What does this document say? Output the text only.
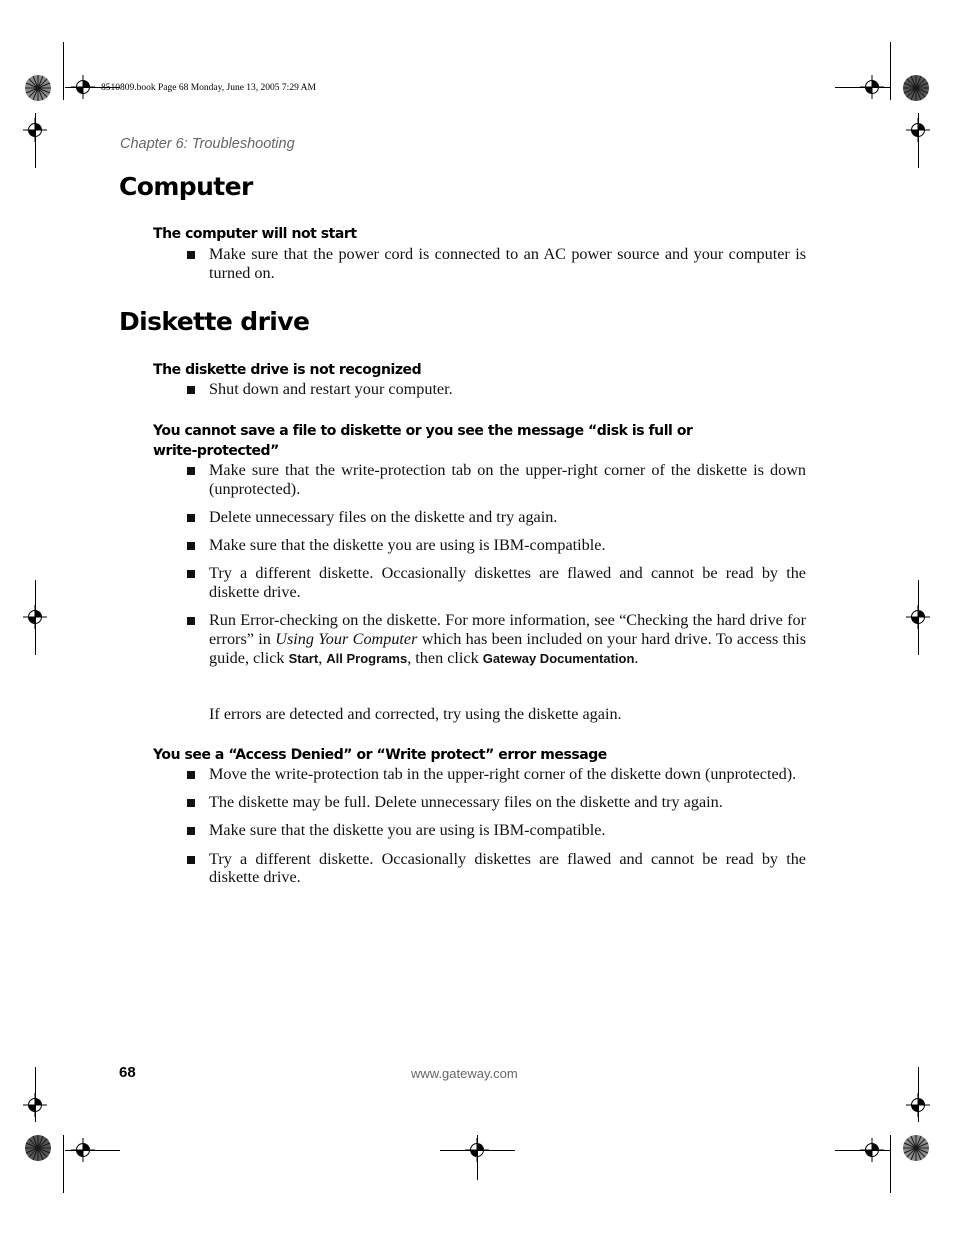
8510809.book Page 68 Monday, June 13, 2005 7:29 AM
Chapter 6: Troubleshooting
Computer
The computer will not start
Make sure that the power cord is connected to an AC power source and your computer is turned on.
Diskette drive
The diskette drive is not recognized
Shut down and restart your computer.
You cannot save a file to diskette or you see the message “disk is full or write-protected”
Make sure that the write-protection tab on the upper-right corner of the diskette is down (unprotected).
Delete unnecessary files on the diskette and try again.
Make sure that the diskette you are using is IBM-compatible.
Try a different diskette. Occasionally diskettes are flawed and cannot be read by the diskette drive.
Run Error-checking on the diskette. For more information, see “Checking the hard drive for errors” in Using Your Computer which has been included on your hard drive. To access this guide, click Start, All Programs, then click Gateway Documentation.

If errors are detected and corrected, try using the diskette again.

You see a “Access Denied” or “Write protect” error message
Move the write-protection tab in the upper-right corner of the diskette down (unprotected).
The diskette may be full. Delete unnecessary files on the diskette and try again.
Make sure that the diskette you are using is IBM-compatible.
Try a different diskette. Occasionally diskettes are flawed and cannot be read by the diskette drive.
68	www.gateway.com
